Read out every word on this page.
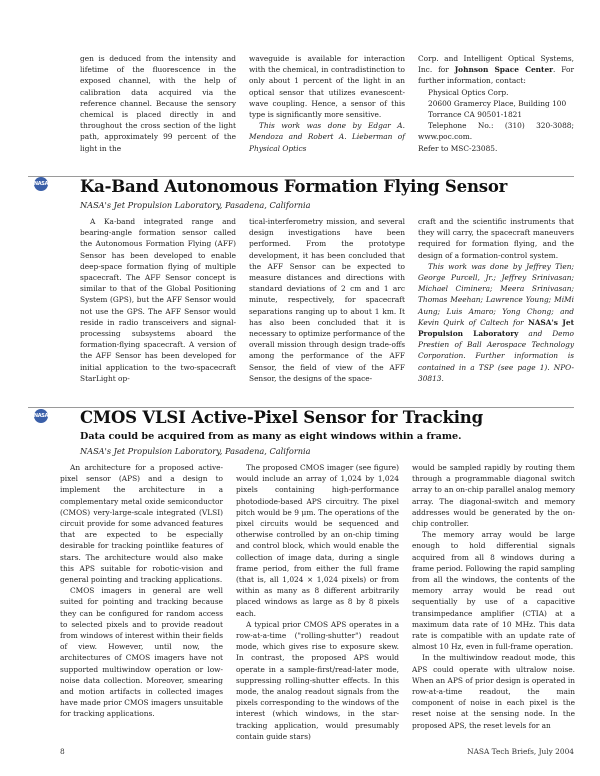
gen is deduced from the intensity and lifetime of the fluorescence in the exposed channel, with the help of calibration data acquired via the reference channel. Because the sensory chemical is placed directly in and throughout the cross section of the light path, approximately 99 percent of the light in the

waveguide is available for interaction with the chemical, in contradistinction to only about 1 percent of the light in an optical sensor that utilizes evanescent-wave coupling. Hence, a sensor of this type is significantly more sensitive.

This work was done by Edgar A. Mendoza and Robert A. Lieberman of Physical Optics

Corp. and Intelligent Optical Systems, Inc. for Johnson Space Center. For further information, contact:

Physical Optics Corp.

20600 Gramercy Place, Building 100

Torrance CA 90501-1821

Telephone No.: (310) 320-3088; www.poc.com.

Refer to MSC-23085.

NASA Ka-Band Autonomous Formation Flying Sensor

NASA's Jet Propulsion Laboratory, Pasadena, California

A Ka-band integrated range and bearing-angle formation sensor called the Autonomous Formation Flying (AFF) Sensor has been developed to enable deep-space formation flying of multiple spacecraft. The AFF Sensor concept is similar to that of the Global Positioning System (GPS), but the AFF Sensor would not use the GPS. The AFF Sensor would reside in radio transceivers and signal-processing subsystems aboard the formation-flying spacecraft. A version of the AFF Sensor has been developed for initial application to the two-spacecraft StarLight op-

tical-interferometry mission, and several design investigations have been performed. From the prototype development, it has been concluded that the AFF Sensor can be expected to measure distances and directions with standard deviations of 2 cm and 1 arc minute, respectively, for spacecraft separations ranging up to about 1 km. It has also been concluded that it is necessary to optimize performance of the overall mission through design trade-offs among the performance of the AFF Sensor, the field of view of the AFF Sensor, the designs of the space-

craft and the scientific instruments that they will carry, the spacecraft maneuvers required for formation flying, and the design of a formation-control system.

This work was done by Jeffrey Tien; George Purcell, Jr.; Jeffrey Srinivasan; Michael Ciminera; Meera Srinivasan; Thomas Meehan; Lawrence Young; MiMi Aung; Luis Amaro; Yong Chong; and Kevin Quirk of Caltech for NASA's Jet Propulsion Laboratory and Demo Prestien of Ball Aerospace Technology Corporation. Further information is contained in a TSP (see page 1). NPO-30813.

NASA CMOS VLSI Active-Pixel Sensor for Tracking

Data could be acquired from as many as eight windows within a frame.

NASA's Jet Propulsion Laboratory, Pasadena, California

An architecture for a proposed active-pixel sensor (APS) and a design to implement the architecture in a complementary metal oxide semiconductor (CMOS) very-large-scale integrated (VLSI) circuit provide for some advanced features that are expected to be especially desirable for tracking pointlike features of stars. The architecture would also make this APS suitable for robotic-vision and general pointing and tracking applications.

CMOS imagers in general are well suited for pointing and tracking because they can be configured for random access to selected pixels and to provide readout from windows of interest within their fields of view. However, until now, the architectures of CMOS imagers have not supported multiwindow operation or low-noise data collection. Moreover, smearing and motion artifacts in collected images have made prior CMOS imagers unsuitable for tracking applications.

The proposed CMOS imager (see figure) would include an array of 1,024 by 1,024 pixels containing high-performance photodiode-based APS circuitry. The pixel pitch would be 9 μm. The operations of the pixel circuits would be sequenced and otherwise controlled by an on-chip timing and control block, which would enable the collection of image data, during a single frame period, from either the full frame (that is, all 1,024 × 1,024 pixels) or from within as many as 8 different arbitrarily placed windows as large as 8 by 8 pixels each.

A typical prior CMOS APS operates in a row-at-a-time ("rolling-shutter") readout mode, which gives rise to exposure skew. In contrast, the proposed APS would operate in a sample-first/read-later mode, suppressing rolling-shutter effects. In this mode, the analog readout signals from the pixels corresponding to the windows of the interest (which windows, in the star-tracking application, would presumably contain guide stars)

would be sampled rapidly by routing them through a programmable diagonal switch array to an on-chip parallel analog memory array. The diagonal-switch and memory addresses would be generated by the on-chip controller.

The memory array would be large enough to hold differential signals acquired from all 8 windows during a frame period. Following the rapid sampling from all the windows, the contents of the memory array would be read out sequentially by use of a capacitive transimpedance amplifier (CTIA) at a maximum data rate of 10 MHz. This data rate is compatible with an update rate of almost 10 Hz, even in full-frame operation.

In the multiwindow readout mode, this APS could operate with ultralow noise. When an APS of prior design is operated in row-at-a-time readout, the main component of noise in each pixel is the reset noise at the sensing node. In the proposed APS, the reset levels for an

8	NASA Tech Briefs, July 2004
